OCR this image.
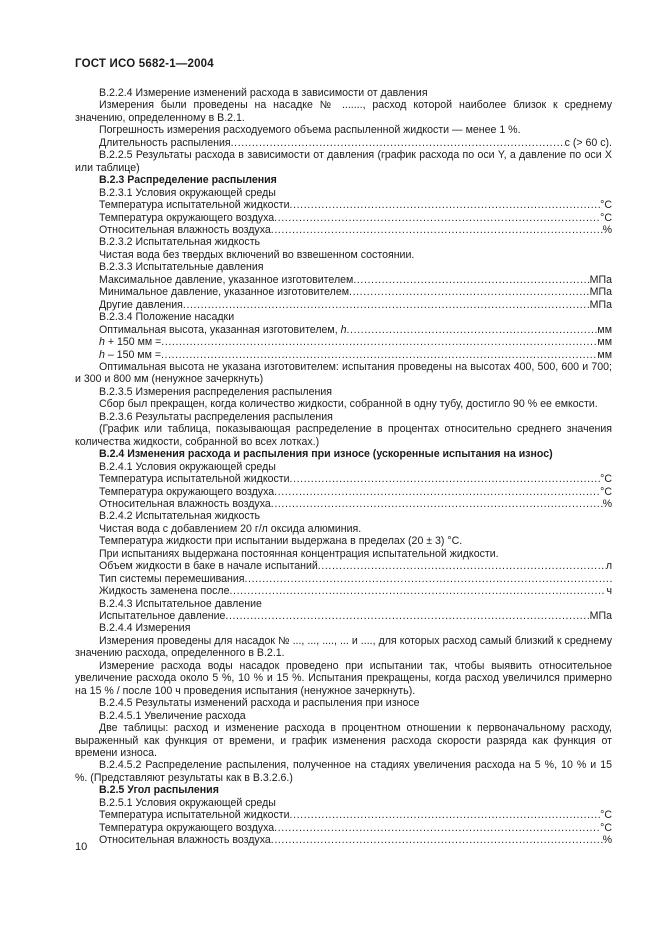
ГОСТ ИСО 5682-1—2004

В.2.2.4 Измерение изменений расхода в зависимости от давления

Измерения были проведены на насадке № ......., расход которой наиболее близок к среднему значению, определенному в В.2.1.

Погрешность измерения расходуемого объема распыленной жидкости — менее 1 %.

Длительность распыления .....	с (> 60 с).

В.2.2.5 Результаты расхода в зависимости от давления (график расхода по оси Y, а давление по оси X или таблице)

В.2.3 Распределение распыления

В.2.3.1 Условия окружающей среды

Температура испытательной жидкости .....	°С
Температура окружающего воздуха .....	°С
Относительная влажность воздуха .....	%

В.2.3.2 Испытательная жидкость

Чистая вода без твердых включений во взвешенном состоянии.

В.2.3.3 Испытательные давления

Максимальное давление, указанное изготовителем .....	МПа
Минимальное давление, указанное изготовителем .....	МПа
Другие давления .....	МПа

В.2.3.4 Положение насадки

Оптимальная высота, указанная изготовителем, h .....	мм
h + 150 мм = .....	мм
h – 150 мм = .....	мм

Оптимальная высота не указана изготовителем: испытания проведены на высотах 400, 500, 600 и 700; и 300 и 800 мм (ненужное зачеркнуть)

В.2.3.5 Измерения распределения распыления

Сбор был прекращен, когда количество жидкости, собранной в одну тубу, достигло 90 % ее емкости.

В.2.3.6 Результаты распределения распыления

(График или таблица, показывающая распределение в процентах относительно среднего значения количества жидкости, собранной во всех лотках.)

В.2.4 Изменения расхода и распыления при износе (ускоренные испытания на износ)

В.2.4.1 Условия окружающей среды

Температура испытательной жидкости .....	°С
Температура окружающего воздуха .....	°С
Относительная влажность воздуха .....	%

В.2.4.2 Испытательная жидкость

Чистая вода с добавлением 20 г/л оксида алюминия.

Температура жидкости при испытании выдержана в пределах (20 ± 3) °С.

При испытаниях выдержана постоянная концентрация испытательной жидкости.

Объем жидкости в баке в начале испытаний .....	л
Тип системы перемешивания
.....
Жидкость заменена после .....	ч

В.2.4.3 Испытательное давление

Испытательное давление .....	МПа

В.2.4.4 Измерения

Измерения проведены для насадок № ..., ..., ...., ... и ...., для которых расход самый близкий к среднему значению расхода, определенного в В.2.1.

Измерение расхода воды насадок проведено при испытании так, чтобы выявить относительное увеличение расхода около 5 %, 10 % и 15 %. Испытания прекращены, когда расход увеличился примерно на 15 % / после 100 ч проведения испытания (ненужное зачеркнуть).

В.2.4.5 Результаты изменений расхода и распыления при износе

В.2.4.5.1 Увеличение расхода

Две таблицы: расход и изменение расхода в процентном отношении к первоначальному расходу, выраженный как функция от времени, и график изменения расхода скорости разряда как функция от времени износа.

В.2.4.5.2 Распределение распыления, полученное на стадиях увеличения расхода на 5 %, 10 % и 15 %. (Представляют результаты как в В.3.2.6.)

В.2.5 Угол распыления

В.2.5.1 Условия окружающей среды

Температура испытательной жидкости .....	°С
Температура окружающего воздуха .....	°С
Относительная влажность воздуха .....	%
10
